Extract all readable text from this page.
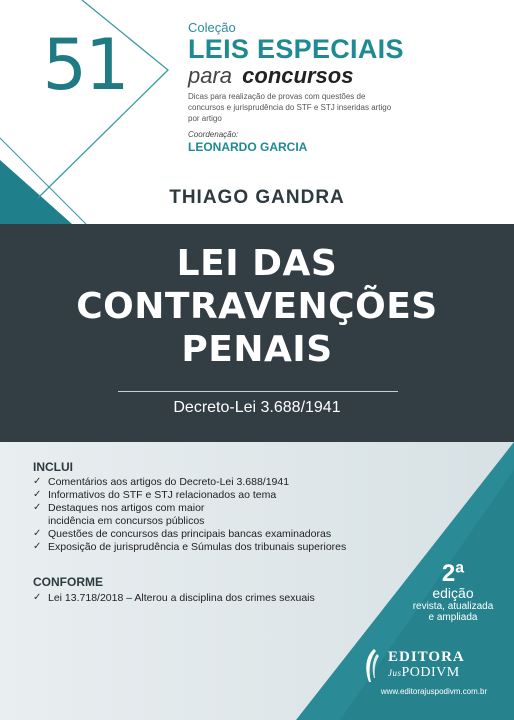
51	Coleção
LEIS ESPECIAIS
para concursos
Dicas para realização de provas com questões de concursos e jurisprudência do STF e STJ inseridas artigo por artigo
Coordenação:
LEONARDO GARCIA
THIAGO GANDRA
LEI DAS
CONTRAVENÇÕES
PENAIS
Decreto-Lei 3.688/1941
INCLUI
✓ Comentários aos artigos do Decreto-Lei 3.688/1941
✓ Informativos do STF e STJ relacionados ao tema
✓ Destaques nos artigos com maior
incidência em concursos públicos
✓ Questões de concursos das principais bancas examinadoras
✓ Exposição de jurisprudência e Súmulas dos tribunais superiores
CONFORME
✓ Lei 13.718/2018 – Alterou a disciplina dos crimes sexuais
2ª
edição
revista, atualizada
e ampliada
EDITORA
JusPODIVM
www.editorajuspodivm.com.br
